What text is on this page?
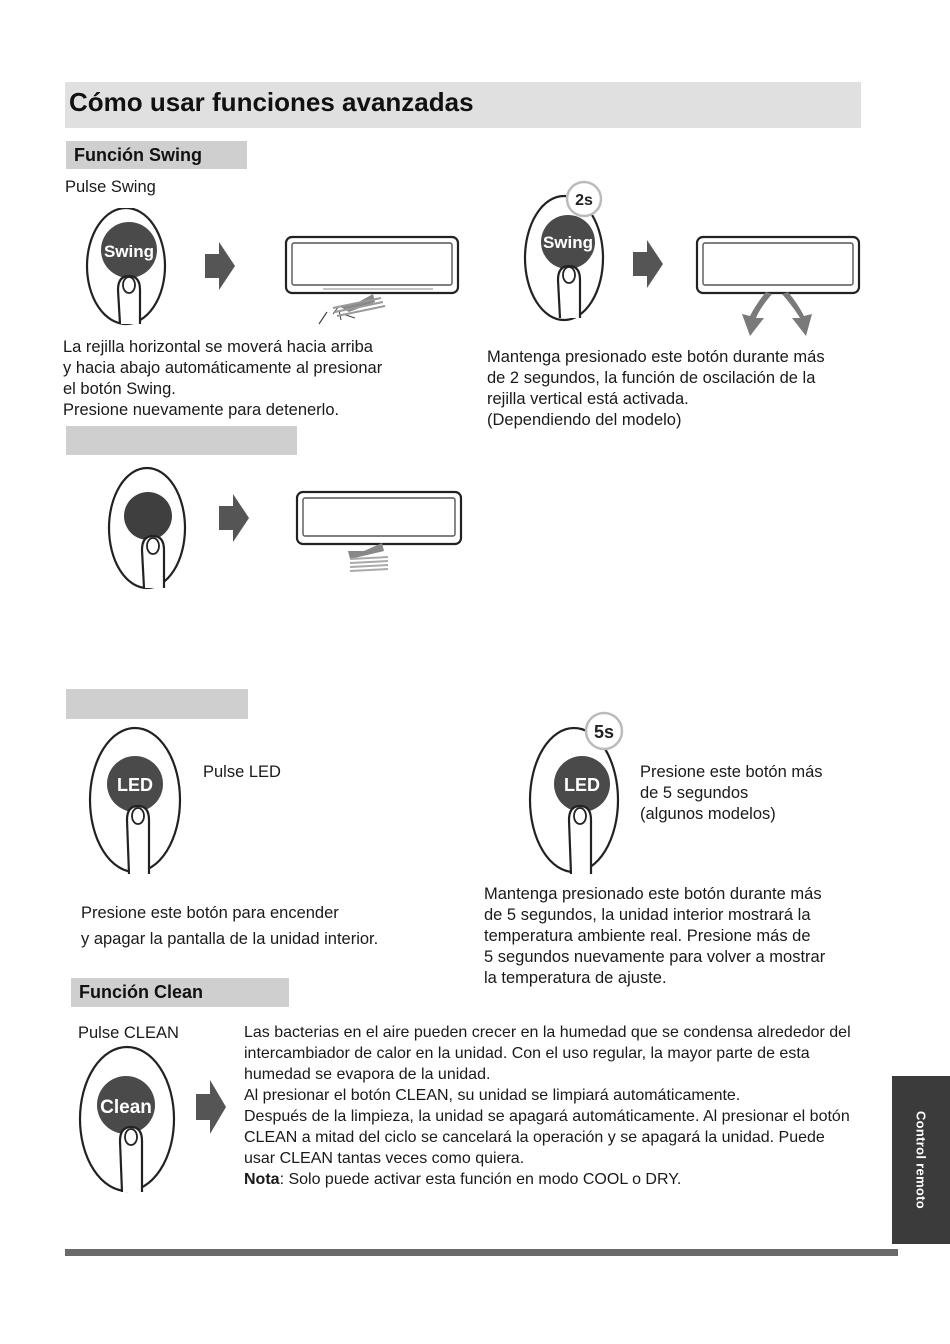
Cómo usar funciones avanzadas
Función Swing
Pulse Swing
Swing	Swing
2s
La rejilla horizontal se moverá hacia arriba
y hacia abajo automáticamente al presionar
el botón Swing.
Presione nuevamente para detenerlo.
Mantenga presionado este botón durante más
de 2 segundos, la función de oscilación de la
rejilla vertical está activada.
(Dependiendo del modelo)
LED
Pulse LED
LED
5s
Presione este botón más
de 5 segundos
(algunos modelos)
Presione este botón para encender
y apagar la pantalla de la unidad interior.
Mantenga presionado este botón durante más
de 5 segundos, la unidad interior mostrará la
temperatura ambiente real. Presione más de
5 segundos nuevamente para volver a mostrar
la temperatura de ajuste.
Función Clean
Pulse CLEAN
Clean
Las bacterias en el aire pueden crecer en la humedad que se condensa alrededor del
intercambiador de calor en la unidad. Con el uso regular, la mayor parte de esta
humedad se evapora de la unidad.
Al presionar el botón CLEAN, su unidad se limpiará automáticamente.
Después de la limpieza, la unidad se apagará automáticamente. Al presionar el botón
CLEAN a mitad del ciclo se cancelará la operación y se apagará la unidad. Puede
usar CLEAN tantas veces como quiera.
Nota: Solo puede activar esta función en modo COOL o DRY.	Control remoto
